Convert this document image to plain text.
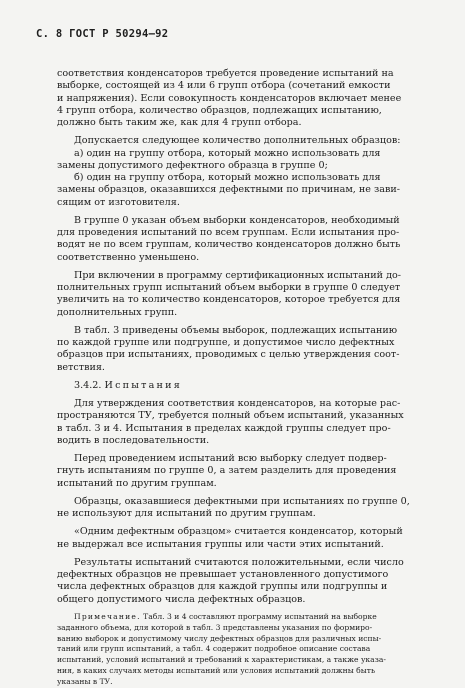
С. 8 ГОСТ Р 50294—92

соответствия конденсаторов требуется проведение испытаний на

выборке, состоящей из 4 или 6 групп отбора (сочетаний емкости

и напряжения). Если совокупность конденсаторов включает менее

4 групп отбора, количество образцов, подлежащих испытанию,

должно быть таким же, как для 4 групп отбора.

Допускается следующее количество дополнительных образцов:

а) один на группу отбора, который можно использовать для

замены допустимого дефектного образца в группе 0;

б) один на группу отбора, который можно использовать для

замены образцов, оказавшихся дефектными по причинам, не зави-

сящим от изготовителя.

В группе 0 указан объем выборки конденсаторов, необходимый

для проведения испытаний по всем группам. Если испытания про-

водят не по всем группам, количество конденсаторов должно быть

соответственно уменьшено.

При включении в программу сертификационных испытаний до-

полнительных групп испытаний объем выборки в группе 0 следует

увеличить на то количество конденсаторов, которое требуется для

дополнительных групп.

В табл. 3 приведены объемы выборок, подлежащих испытанию

по каждой группе или подгруппе, и допустимое число дефектных

образцов при испытаниях, проводимых с целью утверждения соот-

ветствия.

3.4.2. Испытания

Для утверждения соответствия конденсаторов, на которые рас-

пространяются ТУ, требуется полный объем испытаний, указанных

в табл. 3 и 4. Испытания в пределах каждой группы следует про-

водить в последовательности.

Перед проведением испытаний всю выборку следует подвер-

гнуть испытаниям по группе 0, а затем разделить для проведения

испытаний по другим группам.

Образцы, оказавшиеся дефектными при испытаниях по группе 0,

не используют для испытаний по другим группам.

«Одним дефектным образцом» считается конденсатор, который

не выдержал все испытания группы или части этих испытаний.

Результаты испытаний считаются положительными, если число

дефектных образцов не превышает установленного допустимого

числа дефектных образцов для каждой группы или подгруппы и

общего допустимого числа дефектных образцов.

Примечание. Табл. 3 и 4 составляют программу испытаний на выборке

заданного объема, для которой в табл. 3 представлены указания по формиро-

ванию выборок и допустимому числу дефектных образцов для различных испы-

таний или групп испытаний, а табл. 4 содержит подробное описание состава

испытаний, условий испытаний и требований к характеристикам, а также указа-

ния, в каких случаях методы испытаний или условия испытаний должны быть

указаны в ТУ.
